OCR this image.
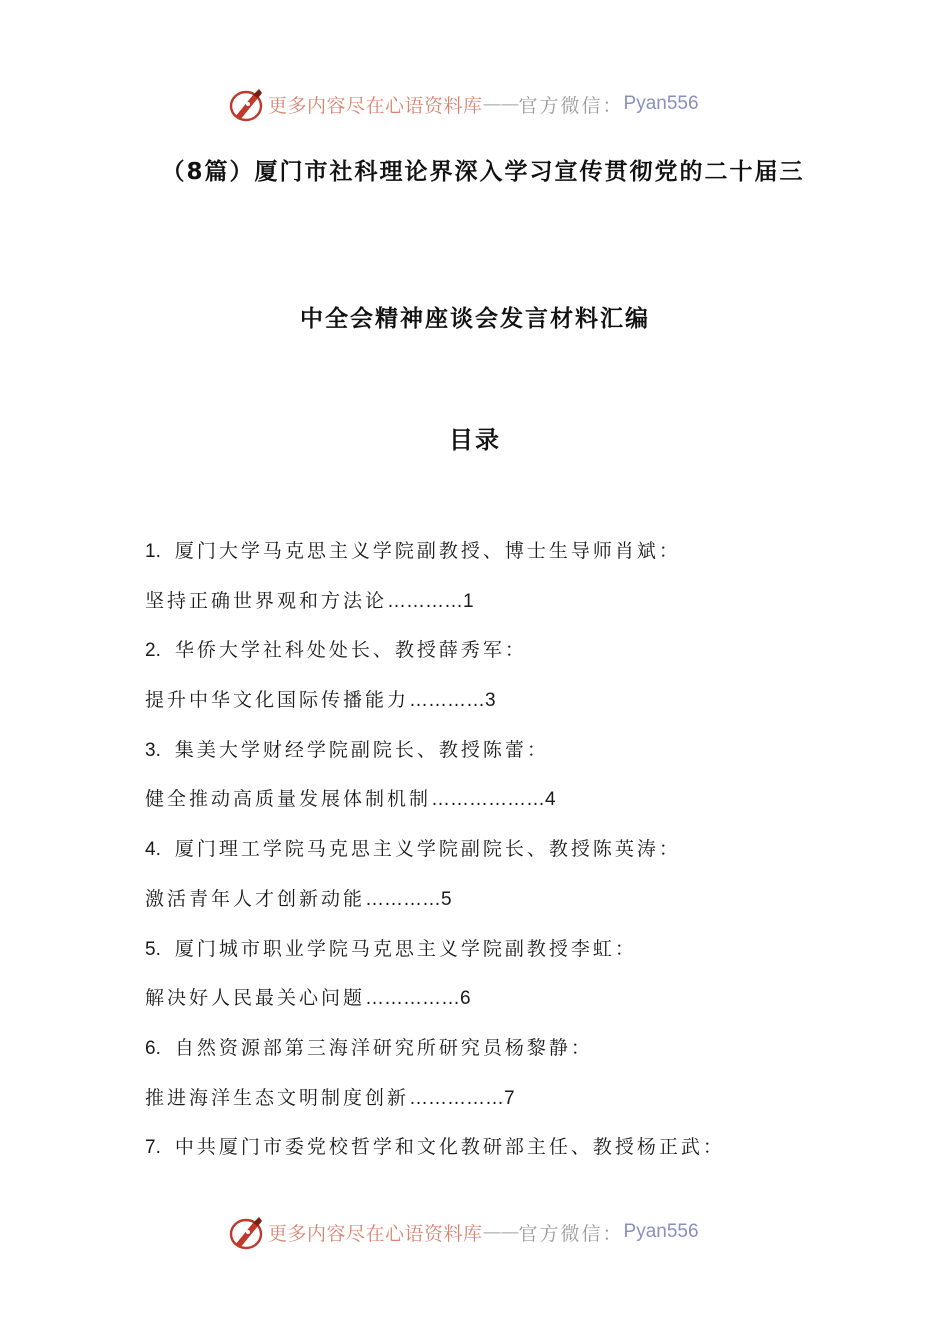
更多内容尽在心语资料库 —— 官方微信： Pyan556
（8篇）厦门市社科理论界深入学习宣传贯彻党的二十届三
中全会精神座谈会发言材料汇编
目录
1. 厦门大学马克思主义学院副教授、博士生导师肖斌：
坚持正确世界观和方法论…………1
2. 华侨大学社科处处长、教授薛秀军：
提升中华文化国际传播能力…………3
3. 集美大学财经学院副院长、教授陈蕾：
健全推动高质量发展体制机制………………4
4. 厦门理工学院马克思主义学院副院长、教授陈英涛：
激活青年人才创新动能…………5
5. 厦门城市职业学院马克思主义学院副教授李虹：
解决好人民最关心问题……………6
6. 自然资源部第三海洋研究所研究员杨黎静：
推进海洋生态文明制度创新……………7
7. 中共厦门市委党校哲学和文化教研部主任、教授杨正武：
更多内容尽在心语资料库 —— 官方微信： Pyan556
